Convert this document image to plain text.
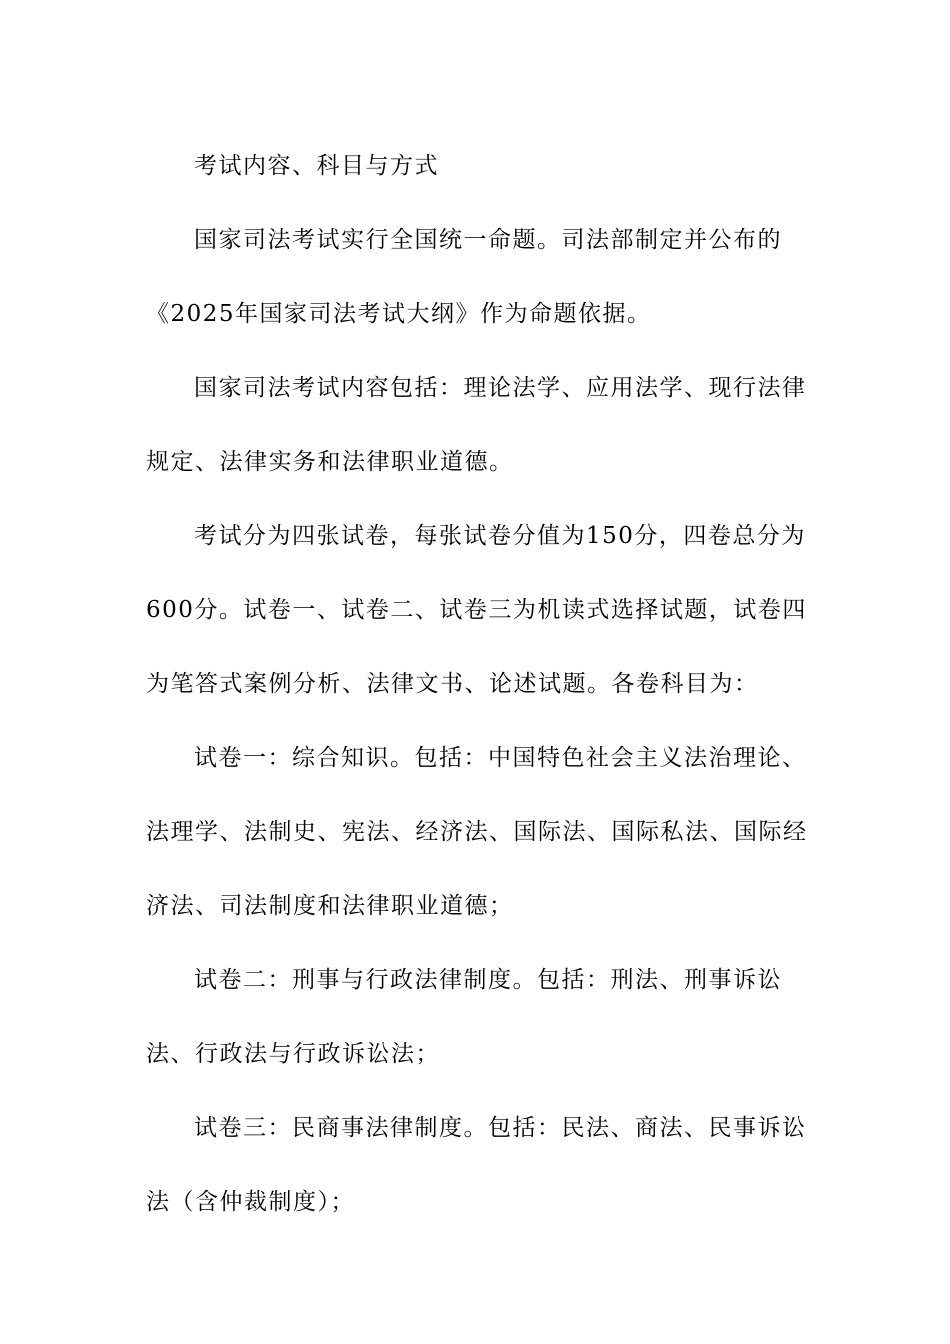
考试内容、科目与方式

国家司法考试实行全国统一命题。司法部制定并公布的《2025年国家司法考试大纲》作为命题依据。

国家司法考试内容包括：理论法学、应用法学、现行法律规定、法律实务和法律职业道德。

考试分为四张试卷，每张试卷分值为150分，四卷总分为600分。试卷一、试卷二、试卷三为机读式选择试题，试卷四为笔答式案例分析、法律文书、论述试题。各卷科目为：

试卷一：综合知识。包括：中国特色社会主义法治理论、法理学、法制史、宪法、经济法、国际法、国际私法、国际经济法、司法制度和法律职业道德；

试卷二：刑事与行政法律制度。包括：刑法、刑事诉讼法、行政法与行政诉讼法；

试卷三：民商事法律制度。包括：民法、商法、民事诉讼法（含仲裁制度）；
